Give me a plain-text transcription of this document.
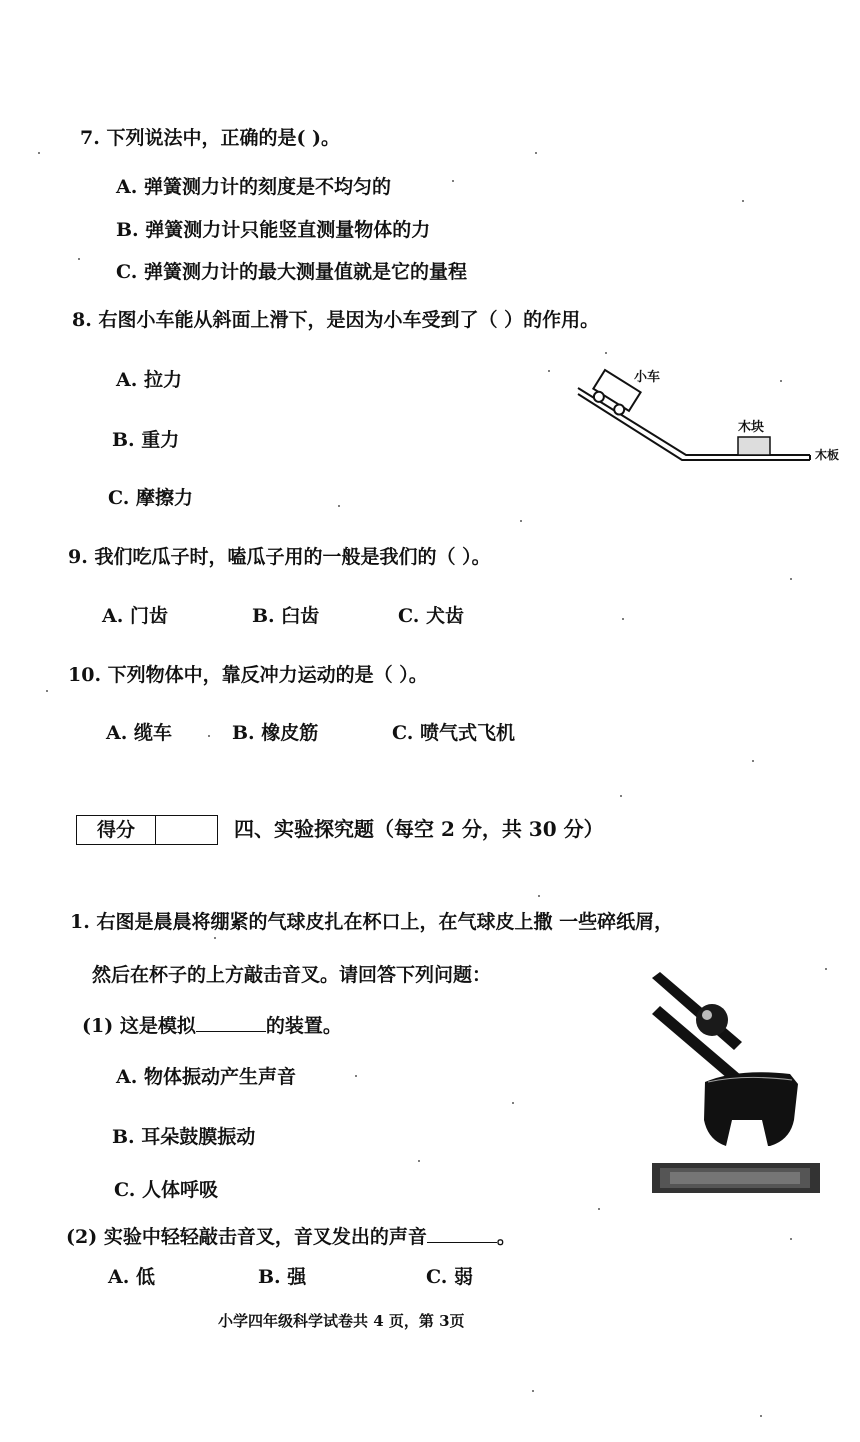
7. 下列说法中，正确的是( )。
A. 弹簧测力计的刻度是不均匀的
B. 弹簧测力计只能竖直测量物体的力
C. 弹簧测力计的最大测量值就是它的量程
8. 右图小车能从斜面上滑下，是因为小车受到了（ ）的作用。
A. 拉力
B. 重力
C. 摩擦力
小车
木块
木板
9. 我们吃瓜子时，嗑瓜子用的一般是我们的（ ）。
A. 门齿	B. 臼齿	C. 犬齿
10. 下列物体中，靠反冲力运动的是（ ）。
A. 缆车	B. 橡皮筋	C. 喷气式飞机
得分	四、实验探究题（每空 2 分，共 30 分）
1. 右图是晨晨将绷紧的气球皮扎在杯口上，在气球皮上撒 一些碎纸屑，
然后在杯子的上方敲击音叉。请回答下列问题：
(1) 这是模拟	的装置。
A. 物体振动产生声音
B. 耳朵鼓膜振动
C. 人体呼吸
(2) 实验中轻轻敲击音叉，音叉发出的声音	。
A. 低	B. 强	C. 弱
小学四年级科学试卷共 4 页，第 3页
